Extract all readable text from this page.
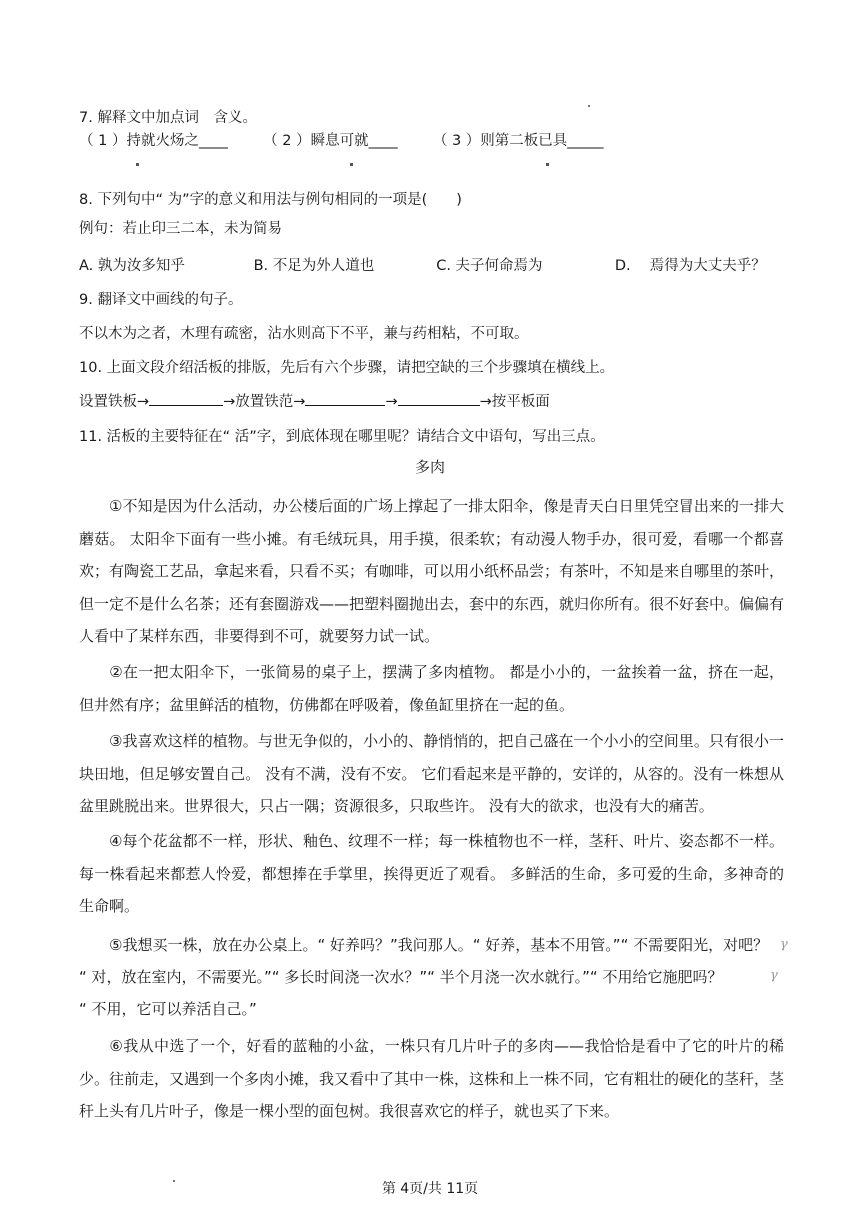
7. 解释文中加点词　含义。
（ 1 ）持就火炀之____ （ 2 ）瞬息可就____ （ 3 ）则第二板已具_____
8. 下列句中“ 为”字的意义和用法与例句相同的一项是(　　)
例句：若止印三二本，未为简易
A. 孰为汝多知乎	B. 不足为外人道也	C. 夫子何命焉为	D.　 焉得为大丈夫乎？
9. 翻译文中画线的句子。
不以木为之者，木理有疏密，沾水则高下不平，兼与药相粘，不可取。
10. 上面文段介绍活板的排版，先后有六个步骤，请把空缺的三个步骤填在横线上。
设置铁板→	→放置铁范→	→	→按平板面
11. 活板的主要特征在“ 活”字，到底体现在哪里呢？请结合文中语句，写出三点。
多肉
①不知是因为什么活动，办公楼后面的广场上撑起了一排太阳伞，像是青天白日里凭空冒出来的一排大蘑菇。 太阳伞下面有一些小摊。有毛绒玩具，用手摸，很柔软；有动漫人物手办，很可爱，看哪一个都喜欢；有陶瓷工艺品，拿起来看，只看不买；有咖啡，可以用小纸杯品尝；有茶叶，不知是来自哪里的茶叶，但一定不是什么名茶；还有套圈游戏——把塑料圈抛出去，套中的东西，就归你所有。很不好套中。偏偏有人看中了某样东西，非要得到不可，就要努力试一试。
②在一把太阳伞下，一张简易的桌子上，摆满了多肉植物。 都是小小的，一盆挨着一盆，挤在一起，但井然有序；盆里鲜活的植物，仿佛都在呼吸着，像鱼缸里挤在一起的鱼。
③我喜欢这样的植物。与世无争似的，小小的、静悄悄的，把自己盛在一个小小的空间里。只有很小一块田地，但足够安置自己。 没有不满，没有不安。 它们看起来是平静的，安详的，从容的。没有一株想从盆里跳脱出来。世界很大，只占一隅；资源很多，只取些许。 没有大的欲求，也没有大的痛苦。
④每个花盆都不一样，形状、釉色、纹理不一样；每一株植物也不一样，茎秆、叶片、姿态都不一样。每一株看起来都惹人怜爱，都想捧在手掌里，挨得更近了观看。 多鲜活的生命，多可爱的生命，多神奇的生命啊。
⑤我想买一株，放在办公桌上。“ 好养吗？”我问那人。“ 好养，基本不用管。”“ 不需要阳光，对吧？ γ
“ 对，放在室内，不需要光。”“ 多长时间浇一次水？”“ 半个月浇一次水就行。”“ 不用给它施肥吗？	γ
“ 不用，它可以养活自己。”
⑥我从中选了一个，好看的蓝釉的小盆，一株只有几片叶子的多肉——我恰恰是看中了它的叶片的稀少。往前走，又遇到一个多肉小摊，我又看中了其中一株，这株和上一株不同，它有粗壮的硬化的茎秆，茎秆上头有几片叶子，像是一棵小型的面包树。我很喜欢它的样子，就也买了下来。
第 4页/共 11页
